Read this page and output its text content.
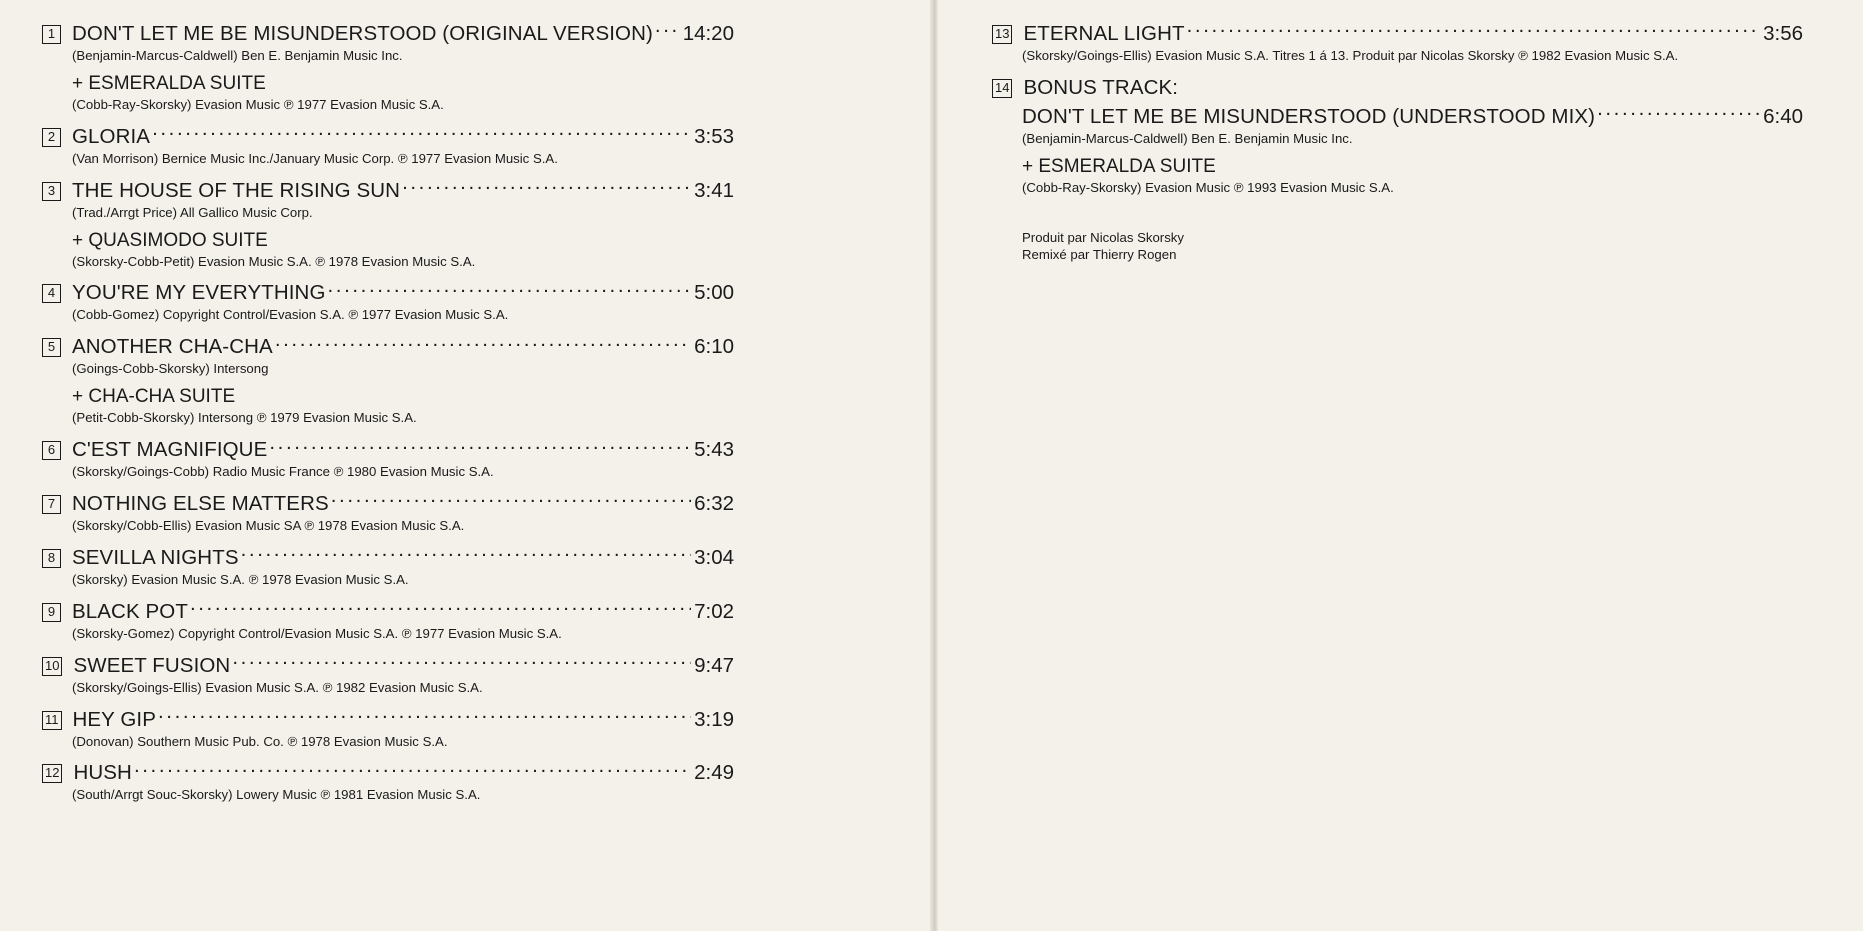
1 DON'T LET ME BE MISUNDERSTOOD (ORIGINAL VERSION) ..... 14:20
(Benjamin-Marcus-Caldwell) Ben E. Benjamin Music Inc.
+ ESMERALDA SUITE
(Cobb-Ray-Skorsky) Evasion Music ℗ 1977 Evasion Music S.A.
2 GLORIA .....	3:53
(Van Morrison) Bernice Music Inc./January Music Corp. ℗ 1977 Evasion Music S.A.
3 THE HOUSE OF THE RISING SUN .....	3:41
(Trad./Arrgt Price) All Gallico Music Corp.
+ QUASIMODO SUITE
(Skorsky-Cobb-Petit) Evasion Music S.A. ℗ 1978 Evasion Music S.A.
4 YOU'RE MY EVERYTHING .....	5:00
(Cobb-Gomez) Copyright Control/Evasion S.A. ℗ 1977 Evasion Music S.A.
5 ANOTHER CHA-CHA .....	6:10
(Goings-Cobb-Skorsky) Intersong
+ CHA-CHA SUITE
(Petit-Cobb-Skorsky) Intersong ℗ 1979 Evasion Music S.A.
6 C'EST MAGNIFIQUE .....	5:43
(Skorsky/Goings-Cobb) Radio Music France ℗ 1980 Evasion Music S.A.
7 NOTHING ELSE MATTERS .....	6:32
(Skorsky/Cobb-Ellis) Evasion Music SA ℗ 1978 Evasion Music S.A.
8 SEVILLA NIGHTS .....	3:04
(Skorsky) Evasion Music S.A. ℗ 1978 Evasion Music S.A.
9 BLACK POT .....	7:02
(Skorsky-Gomez) Copyright Control/Evasion Music S.A. ℗ 1977 Evasion Music S.A.
10 SWEET FUSION .....	9:47
(Skorsky/Goings-Ellis) Evasion Music S.A. ℗ 1982 Evasion Music S.A.
11 HEY GIP .....	3:19
(Donovan) Southern Music Pub. Co. ℗ 1978 Evasion Music S.A.
12 HUSH .....	2:49
(South/Arrgt Souc-Skorsky) Lowery Music ℗ 1981 Evasion Music S.A.
13 ETERNAL LIGHT .....	3:56
(Skorsky/Goings-Ellis) Evasion Music S.A. Titres 1 á 13. Produit par Nicolas Skorsky ℗ 1982 Evasion Music S.A.
14 BONUS TRACK:
DON'T LET ME BE MISUNDERSTOOD (UNDERSTOOD MIX) .....	6:40
(Benjamin-Marcus-Caldwell) Ben E. Benjamin Music Inc.
+ ESMERALDA SUITE
(Cobb-Ray-Skorsky) Evasion Music ℗ 1993 Evasion Music S.A.
Produit par Nicolas Skorsky
Remixé par Thierry Rogen
